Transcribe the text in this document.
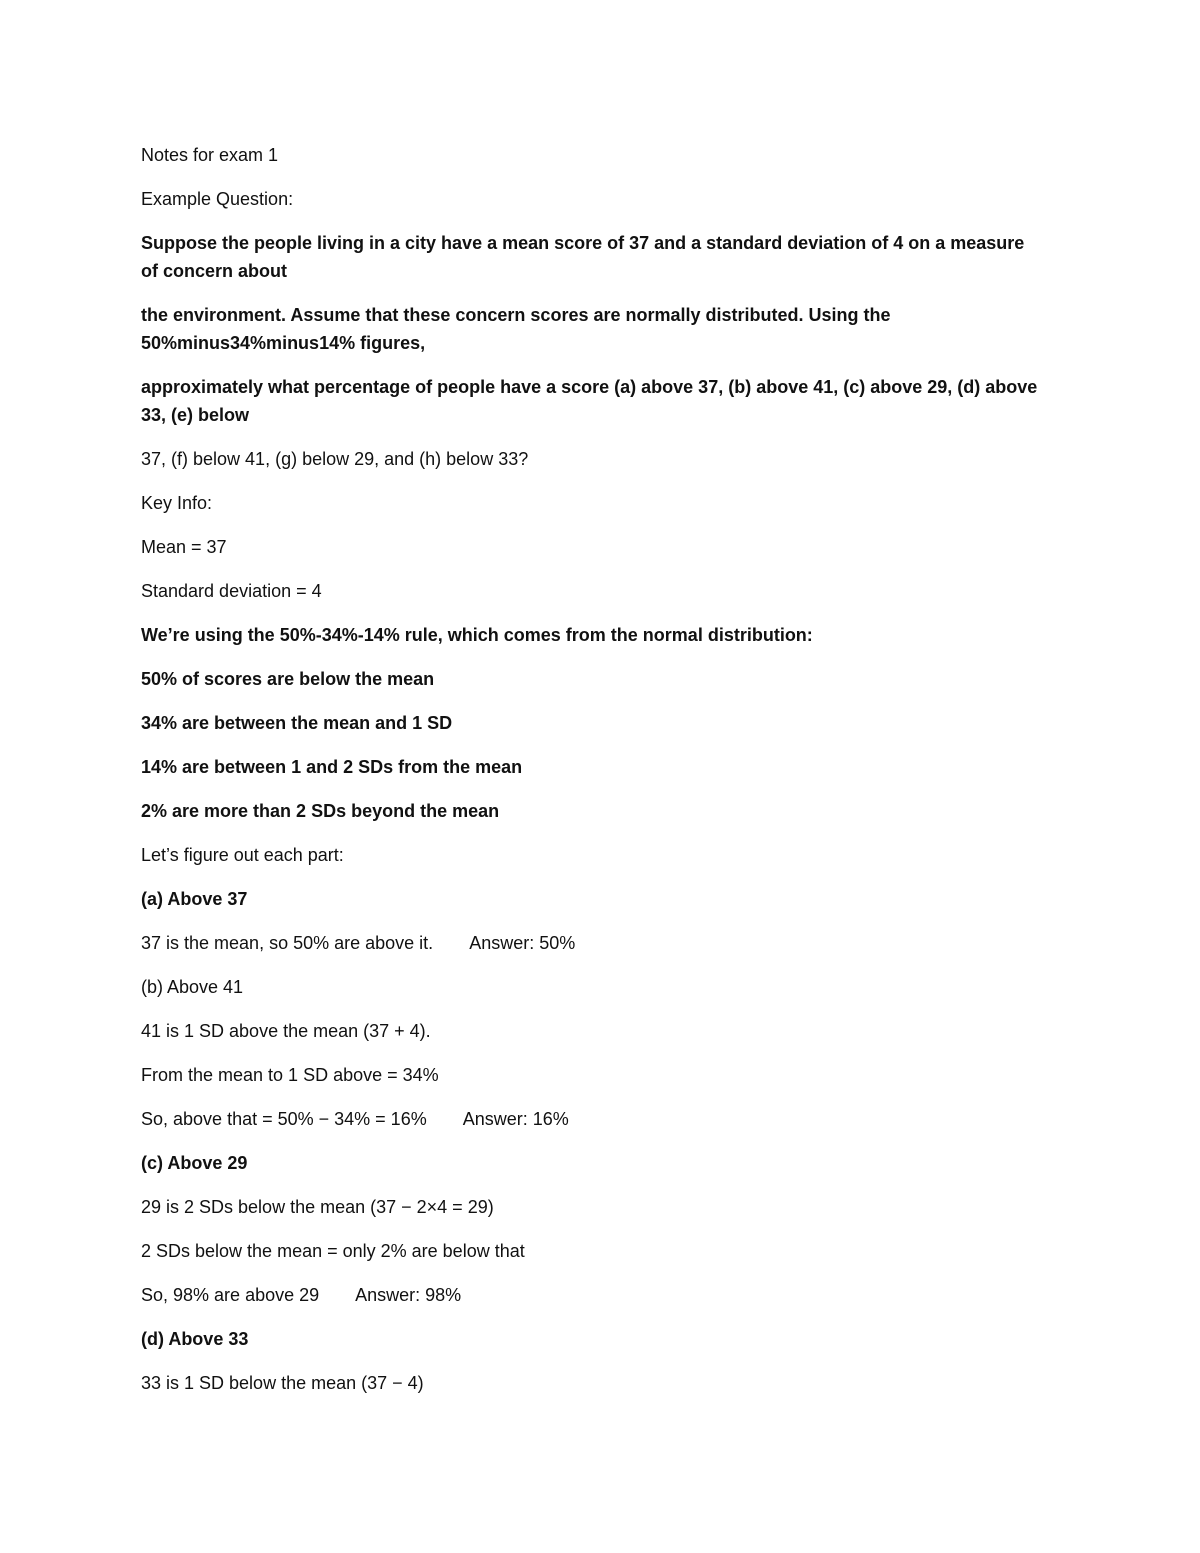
Notes for exam 1

Example Question:

Suppose the people living in a city have a mean score of 37 and a standard deviation of 4 on a measure of concern about

the environment. Assume that these concern scores are normally distributed. Using the 50%minus34%minus14% figures,

approximately what percentage of people have a score (a) above 37, (b) above 41, (c) above 29, (d) above 33, (e) below

37, (f) below 41, (g) below 29, and (h) below 33?

Key Info:

Mean = 37

Standard deviation = 4

We’re using the 50%-34%-14% rule, which comes from the normal distribution:

50% of scores are below the mean

34% are between the mean and 1 SD

14% are between 1 and 2 SDs from the mean

2% are more than 2 SDs beyond the mean

Let’s figure out each part:

(a) Above 37

37 is the mean, so 50% are above it. Answer: 50%

(b) Above 41

41 is 1 SD above the mean (37 + 4).

From the mean to 1 SD above = 34%

So, above that = 50% − 34% = 16% Answer: 16%

(c) Above 29

29 is 2 SDs below the mean (37 − 2×4 = 29)

2 SDs below the mean = only 2% are below that

So, 98% are above 29 Answer: 98%

(d) Above 33

33 is 1 SD below the mean (37 − 4)
